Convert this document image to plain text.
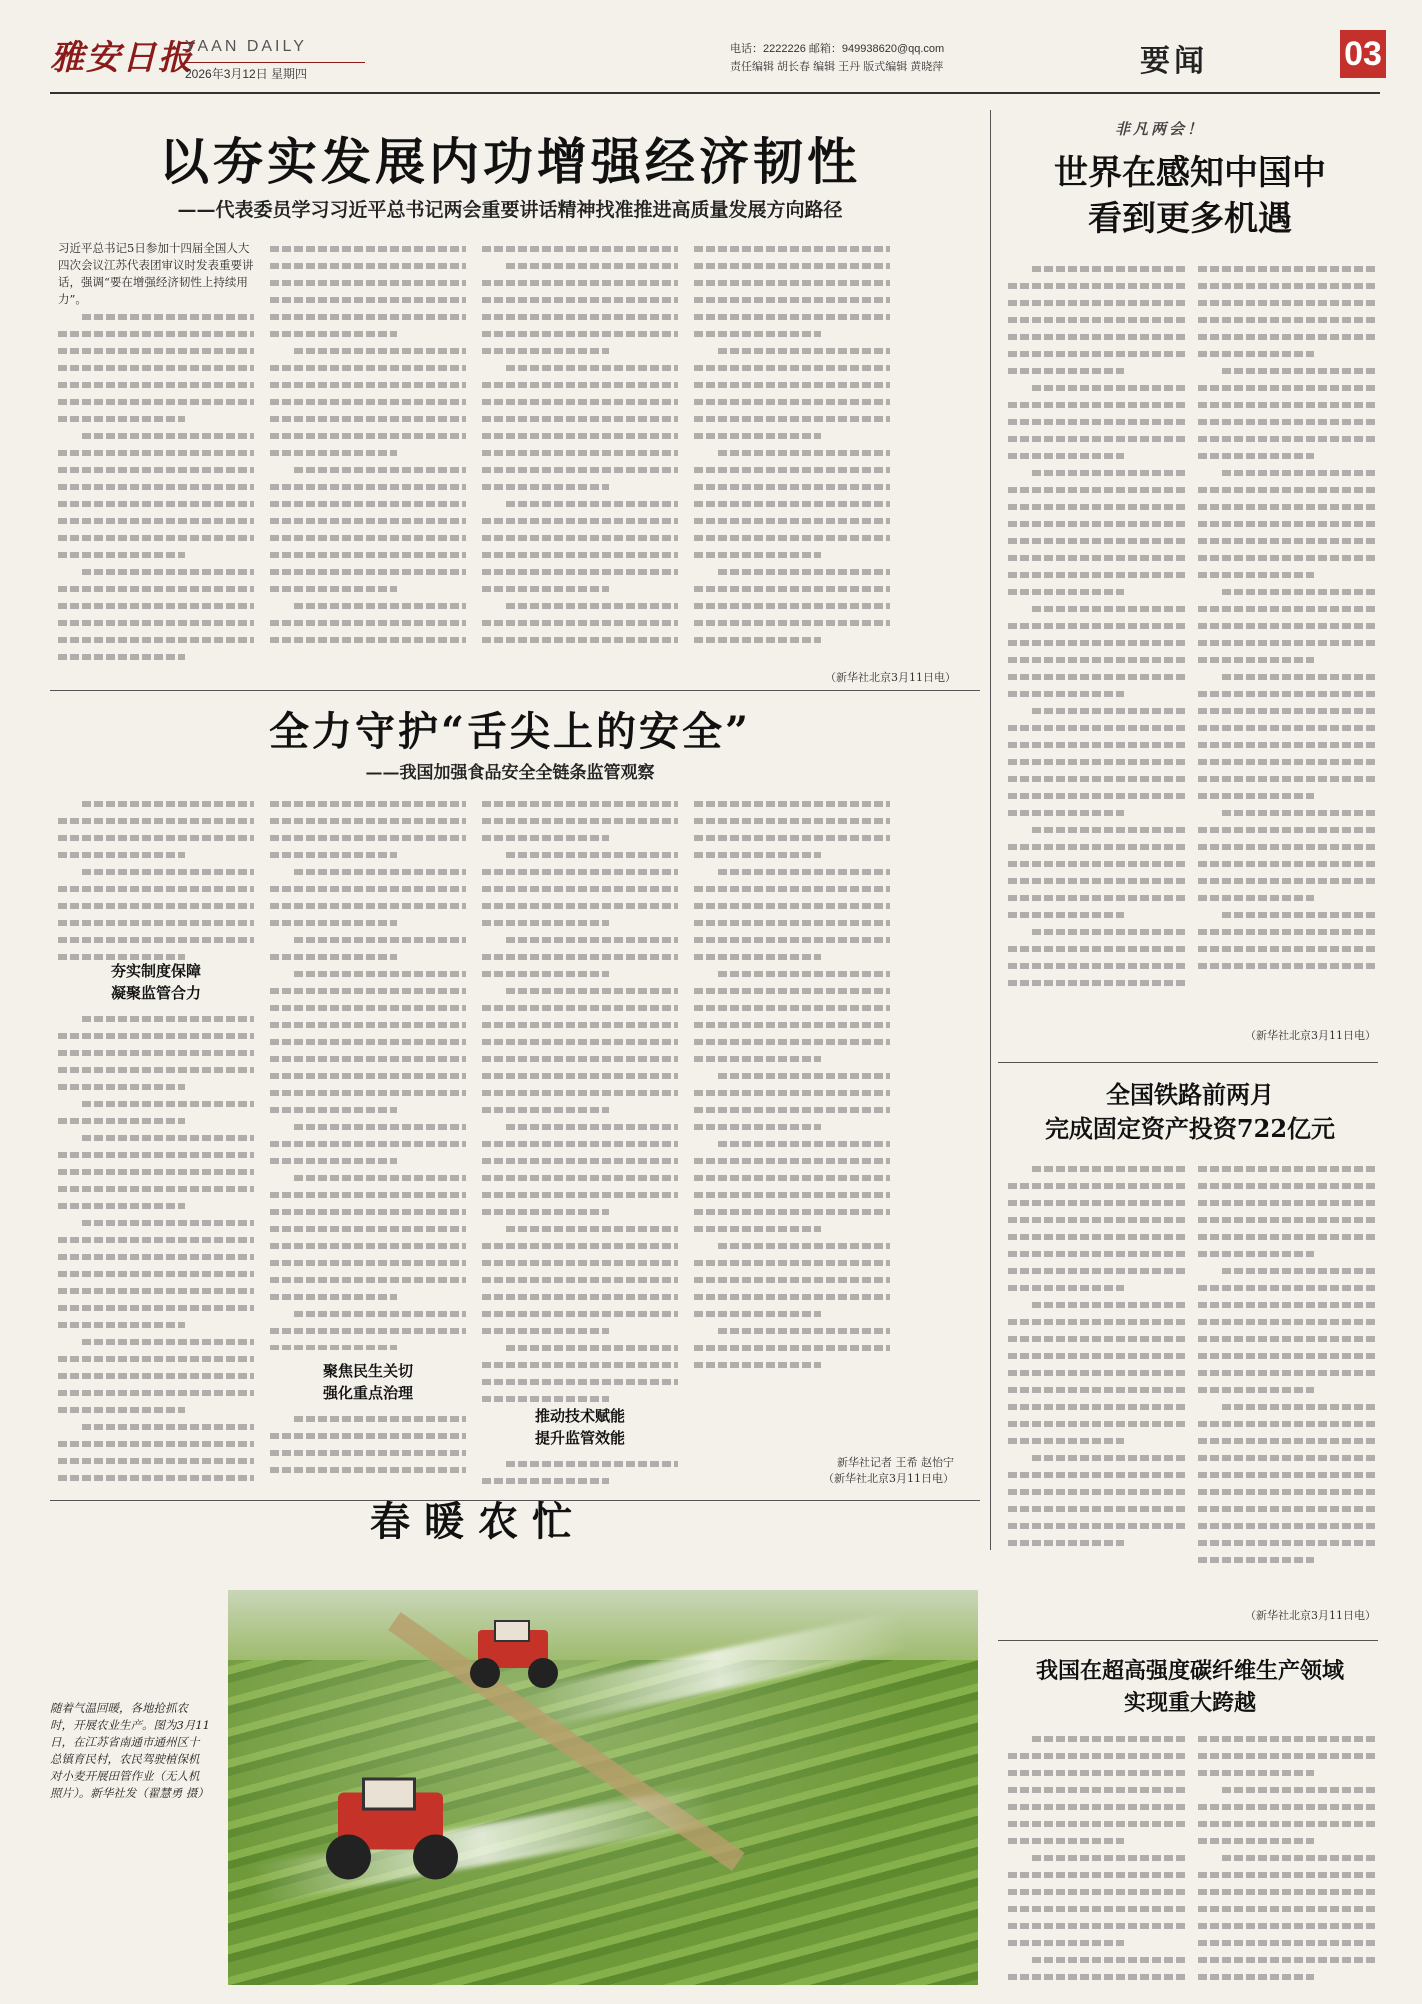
雅安日报
YAAN DAILY
2026年3月12日 星期四
电话：2222226 邮箱：949938620@qq.com
责任编辑 胡长春 编辑 王丹 版式编辑 黄晓萍	要闻	03
以夯实发展内功增强经济韧性
——代表委员学习习近平总书记两会重要讲话精神找准推进高质量发展方向路径
习近平总书记5日参加十四届全国人大四次会议江苏代表团审议时发表重要讲话，强调“要在增强经济韧性上持续用力”。
（新华社北京3月11日电）
非凡两会！
世界在感知中国中
看到更多机遇
（新华社北京3月11日电）
全力守护“舌尖上的安全”
——我国加强食品安全全链条监管观察
夯实制度保障
凝聚监管合力
聚焦民生关切
强化重点治理
推动技术赋能
提升监管效能
新华社记者 王希 赵怡宁
（新华社北京3月11日电）
全国铁路前两月
完成固定资产投资722亿元
（新华社北京3月11日电）
我国在超高强度碳纤维生产领域
实现重大跨越
春暖农忙
随着气温回暖，各地抢抓农时，开展农业生产。图为3月11日，在江苏省南通市通州区十总镇育民村，农民驾驶植保机对小麦开展田管作业（无人机照片）。新华社发（翟慧勇 摄）
